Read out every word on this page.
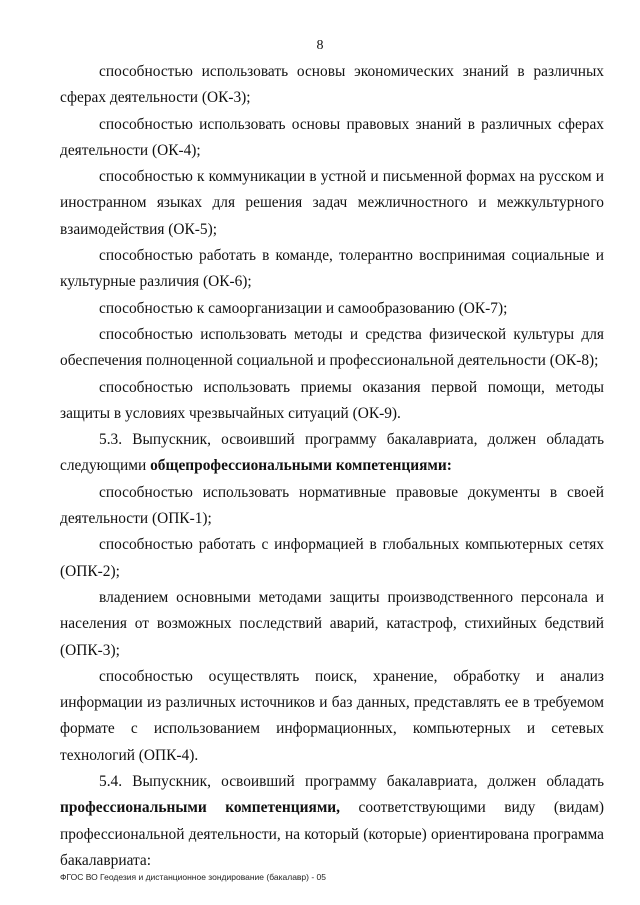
8

способностью использовать основы экономических знаний в различных сферах деятельности (ОК-3);

способностью использовать основы правовых знаний в различных сферах деятельности (ОК-4);

способностью к коммуникации в устной и письменной формах на русском и иностранном языках для решения задач межличностного и межкультурного взаимодействия (ОК-5);

способностью работать в команде, толерантно воспринимая социальные и культурные различия (ОК-6);

способностью к самоорганизации и самообразованию (ОК-7);

способностью использовать методы и средства физической культуры для обеспечения полноценной социальной и профессиональной деятельности (ОК-8);

способностью использовать приемы оказания первой помощи, методы защиты в условиях чрезвычайных ситуаций (ОК-9).

5.3. Выпускник, освоивший программу бакалавриата, должен обладать следующими общепрофессиональными компетенциями:

способностью использовать нормативные правовые документы в своей деятельности (ОПК-1);

способностью работать с информацией в глобальных компьютерных сетях (ОПК-2);

владением основными методами защиты производственного персонала и населения от возможных последствий аварий, катастроф, стихийных бедствий (ОПК-3);

способностью осуществлять поиск, хранение, обработку и анализ информации из различных источников и баз данных, представлять ее в требуемом формате с использованием информационных, компьютерных и сетевых технологий (ОПК-4).

5.4. Выпускник, освоивший программу бакалавриата, должен обладать профессиональными компетенциями, соответствующими виду (видам) профессиональной деятельности, на который (которые) ориентирована программа бакалавриата:

ФГОС ВО Геодезия и дистанционное зондирование (бакалавр) - 05
